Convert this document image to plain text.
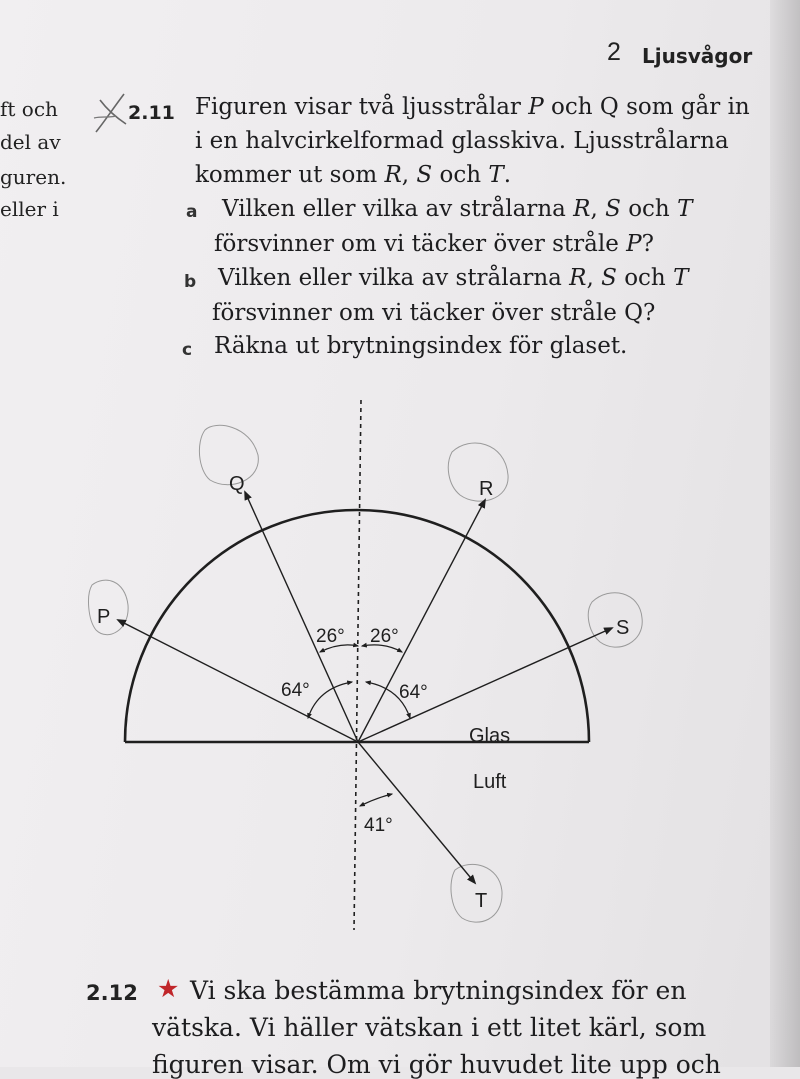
2 Ljusvågor
ft och
del av
guren.
eller i
2.11 Figuren visar två ljusstrålar P och Q som går in
i en halvcirkelformad glasskiva. Ljusstrålarna
kommer ut som R, S och T.
a Vilken eller vilka av strålarna R, S och T
försvinner om vi täcker över stråle P?
b Vilken eller vilka av strålarna R, S och T
försvinner om vi täcker över stråle Q?
c Räkna ut brytningsindex för glaset.
Q	R
P	S
T
26° 26°
64°	64°
41°
Glas
Luft
2.12 ★ Vi ska bestämma brytningsindex för en
vätska. Vi häller vätskan i ett litet kärl, som
figuren visar. Om vi gör huvudet lite upp och
